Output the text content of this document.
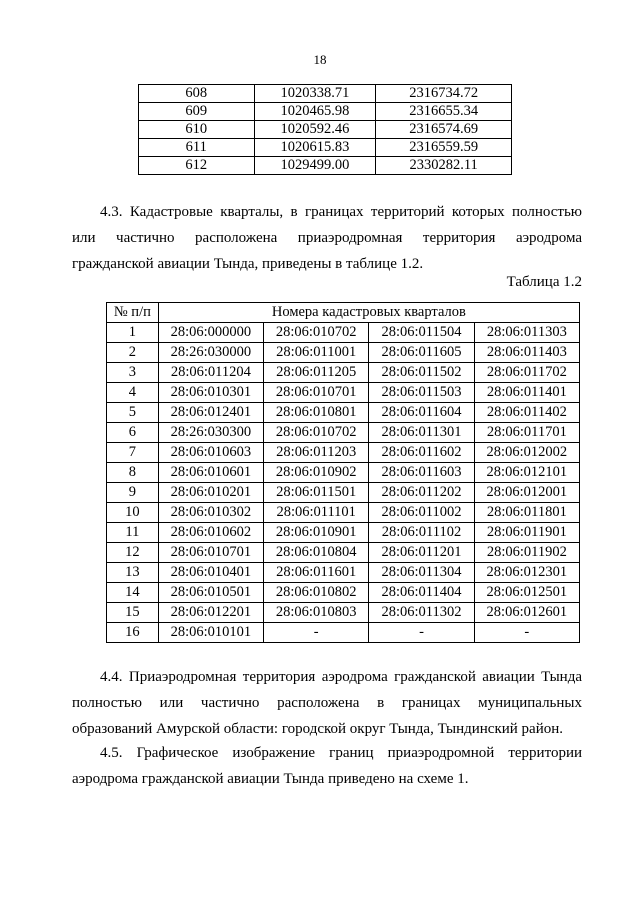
18
608	1020338.71	2316734.72
609	1020465.98	2316655.34
610	1020592.46	2316574.69
611	1020615.83	2316559.59
612	1029499.00	2330282.11
4.3. Кадастровые кварталы, в границах территорий которых полностью или частично расположена приаэродромная территория аэродрома гражданской авиации Тында, приведены в таблице 1.2.
Таблица 1.2
№ п/п	Номера кадастровых кварталов			
1	28:06:000000	28:06:010702	28:06:011504	28:06:011303
2	28:26:030000	28:06:011001	28:06:011605	28:06:011403
3	28:06:011204	28:06:011205	28:06:011502	28:06:011702
4	28:06:010301	28:06:010701	28:06:011503	28:06:011401
5	28:06:012401	28:06:010801	28:06:011604	28:06:011402
6	28:26:030300	28:06:010702	28:06:011301	28:06:011701
7	28:06:010603	28:06:011203	28:06:011602	28:06:012002
8	28:06:010601	28:06:010902	28:06:011603	28:06:012101
9	28:06:010201	28:06:011501	28:06:011202	28:06:012001
10	28:06:010302	28:06:011101	28:06:011002	28:06:011801
11	28:06:010602	28:06:010901	28:06:011102	28:06:011901
12	28:06:010701	28:06:010804	28:06:011201	28:06:011902
13	28:06:010401	28:06:011601	28:06:011304	28:06:012301
14	28:06:010501	28:06:010802	28:06:011404	28:06:012501
15	28:06:012201	28:06:010803	28:06:011302	28:06:012601
16	28:06:010101	-	-	-
4.4. Приаэродромная территория аэродрома гражданской авиации Тында полностью или частично расположена в границах муниципальных образований Амурской области: городской округ Тында, Тындинский район.
4.5. Графическое изображение границ приаэродромной территории аэродрома гражданской авиации Тында приведено на схеме 1.
